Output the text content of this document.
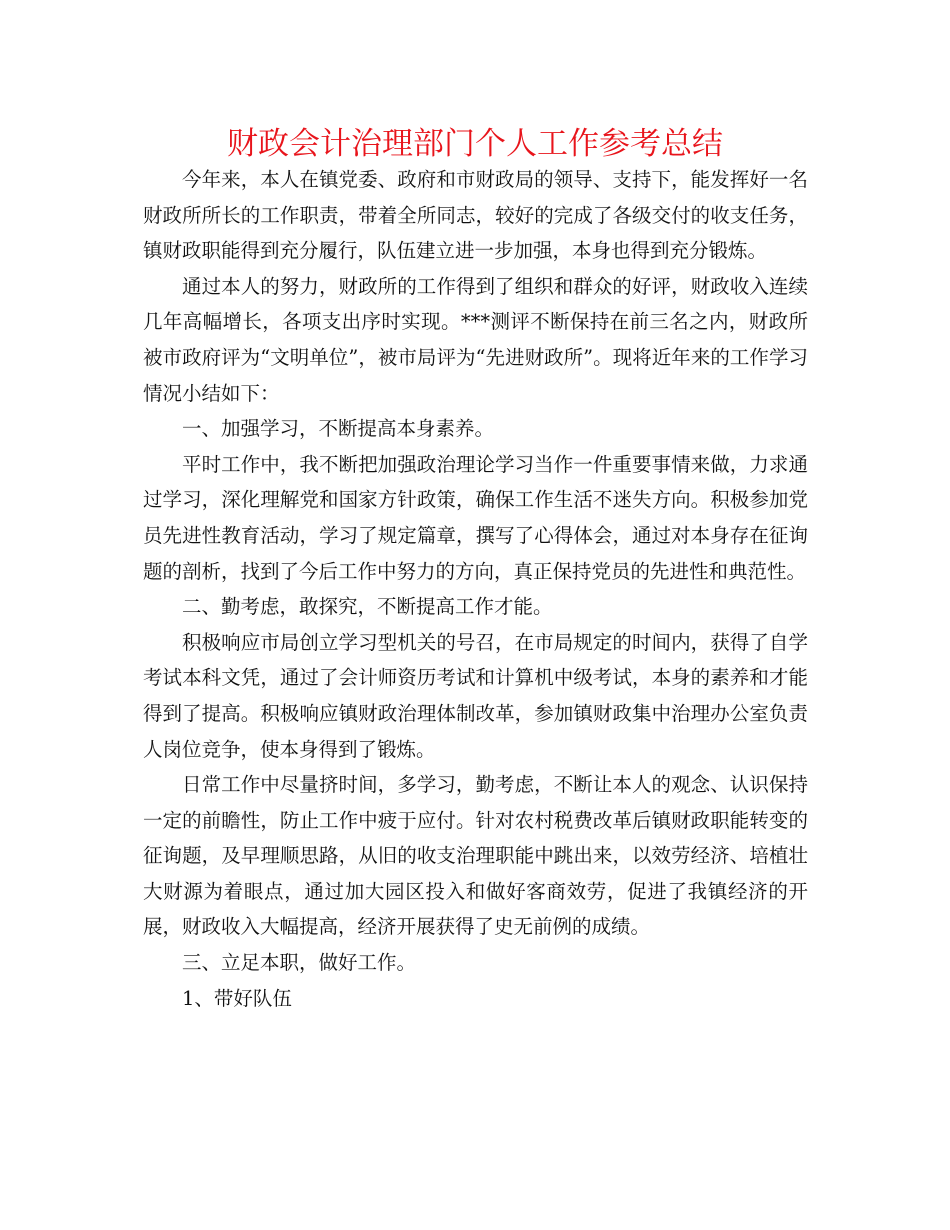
财政会计治理部门个人工作参考总结

今年来，本人在镇党委、政府和市财政局的领导、支持下，能发挥好一名财政所所长的工作职责，带着全所同志，较好的完成了各级交付的收支任务，镇财政职能得到充分履行，队伍建立进一步加强，本身也得到充分锻炼。

通过本人的努力，财政所的工作得到了组织和群众的好评，财政收入连续几年高幅增长，各项支出序时实现。***测评不断保持在前三名之内，财政所被市政府评为“文明单位”，被市局评为“先进财政所”。现将近年来的工作学习情况小结如下：

一、加强学习，不断提高本身素养。

平时工作中，我不断把加强政治理论学习当作一件重要事情来做，力求通过学习，深化理解党和国家方针政策，确保工作生活不迷失方向。积极参加党员先进性教育活动，学习了规定篇章，撰写了心得体会，通过对本身存在征询题的剖析，找到了今后工作中努力的方向，真正保持党员的先进性和典范性。

二、勤考虑，敢探究，不断提高工作才能。

积极响应市局创立学习型机关的号召，在市局规定的时间内，获得了自学考试本科文凭，通过了会计师资历考试和计算机中级考试，本身的素养和才能得到了提高。积极响应镇财政治理体制改革，参加镇财政集中治理办公室负责人岗位竞争，使本身得到了锻炼。

日常工作中尽量挤时间，多学习，勤考虑，不断让本人的观念、认识保持一定的前瞻性，防止工作中疲于应付。针对农村税费改革后镇财政职能转变的征询题，及早理顺思路，从旧的收支治理职能中跳出来，以效劳经济、培植壮大财源为着眼点，通过加大园区投入和做好客商效劳，促进了我镇经济的开展，财政收入大幅提高，经济开展获得了史无前例的成绩。

三、立足本职，做好工作。

1、带好队伍
